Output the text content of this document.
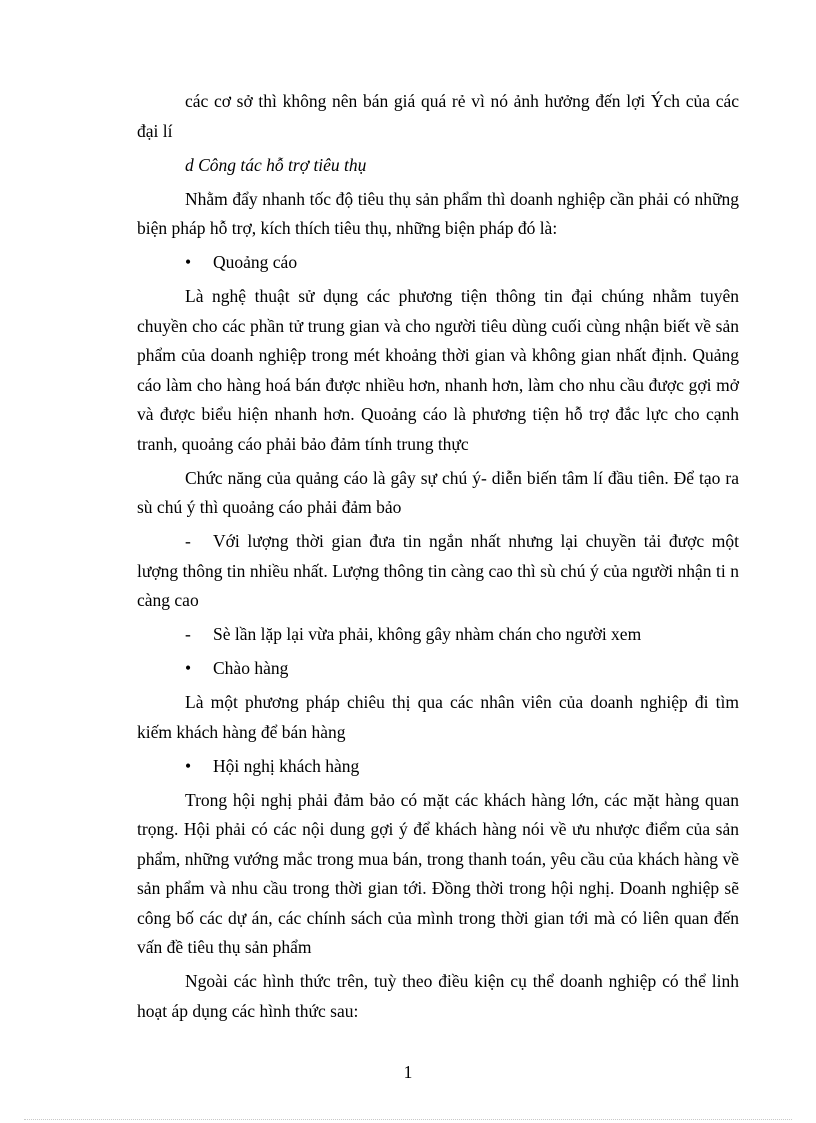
các cơ sở thì không nên bán giá quá rẻ vì nó ảnh hưởng đến lợi Ých của các đại lí

d Công tác hỗ trợ tiêu thụ

Nhằm đẩy nhanh tốc độ tiêu thụ sản phẩm thì doanh nghiệp cần phải có những biện pháp hỗ trợ, kích thích tiêu thụ, những biện pháp đó là:

•	Quoảng cáo

Là nghệ thuật sử dụng các phương tiện thông tin đại chúng nhằm tuyên chuyền cho các phần tử trung gian và cho người tiêu dùng cuối cùng nhận biết về sản phẩm của doanh nghiệp trong mét khoảng thời gian và không gian nhất định. Quảng cáo làm cho hàng hoá bán được nhiều hơn, nhanh hơn, làm cho nhu cầu được gợi mở và được biểu hiện nhanh hơn. Quoảng cáo là phương tiện hỗ trợ đắc lực cho cạnh tranh, quoảng cáo phải bảo đảm tính trung thực

Chức năng của quảng cáo là gây sự chú ý- diễn biến tâm lí đầu tiên. Để tạo ra sù chú ý thì quoảng cáo phải đảm bảo

- Với lượng thời gian đưa tin ngắn nhất nhưng lại chuyền tải được một lượng thông tin nhiều nhất. Lượng thông tin càng cao thì sù chú ý của người nhận ti n càng cao

- Sè lần lặp lại vừa phải, không gây nhàm chán cho người xem

•	Chào hàng

Là một phương pháp chiêu thị qua các nhân viên của doanh nghiệp đi tìm kiếm khách hàng để bán hàng

•	Hội nghị khách hàng

Trong hội nghị phải đảm bảo có mặt các khách hàng lớn, các mặt hàng quan trọng. Hội phải có các nội dung gợi ý để khách hàng nói về ưu nhược điểm của sản phẩm, những vướng mắc trong mua bán, trong thanh toán, yêu cầu của khách hàng về sản phẩm và nhu cầu trong thời gian tới. Đồng thời trong hội nghị. Doanh nghiệp sẽ công bố các dự án, các chính sách của mình trong thời gian tới mà có liên quan đến vấn đề tiêu thụ sản phẩm

Ngoài các hình thức trên, tuỳ theo điều kiện cụ thể doanh nghiệp có thể linh hoạt áp dụng các hình thức sau:

1
